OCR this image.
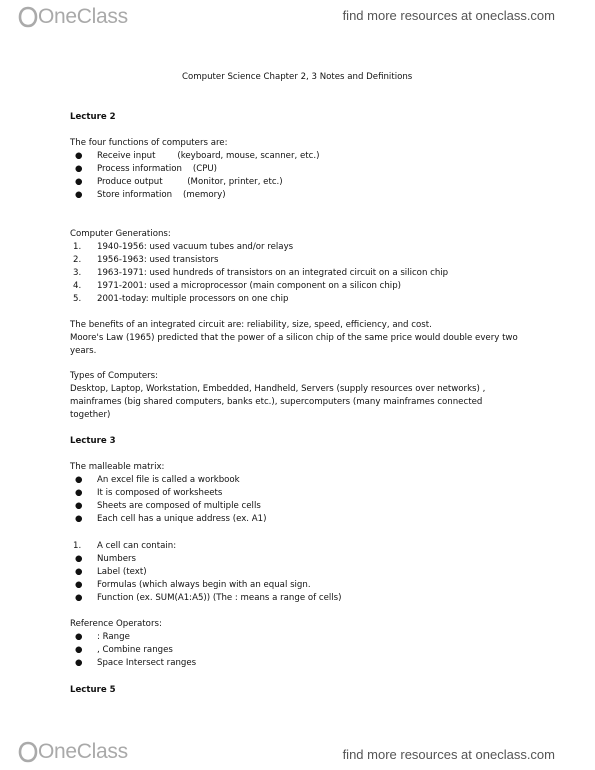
OneClass	find more resources at oneclass.com
Computer Science Chapter 2, 3 Notes and Definitions
Lecture 2
The four functions of computers are:
● Receive input        (keyboard, mouse, scanner, etc.)
● Process information    (CPU)
● Produce output         (Monitor, printer, etc.)
● Store information    (memory)
Computer Generations:
1. 1940-1956: used vacuum tubes and/or relays
2. 1956-1963: used transistors
3. 1963-1971: used hundreds of transistors on an integrated circuit on a silicon chip
4. 1971-2001: used a microprocessor (main component on a silicon chip)
5. 2001-today: multiple processors on one chip
The benefits of an integrated circuit are: reliability, size, speed, efficiency, and cost.
Moore's Law (1965) predicted that the power of a silicon chip of the same price would double every two
years.
Types of Computers:
Desktop, Laptop, Workstation, Embedded, Handheld, Servers (supply resources over networks) ,
mainframes (big shared computers, banks etc.), supercomputers (many mainframes connected
together)
Lecture 3
The malleable matrix:
● An excel file is called a workbook
● It is composed of worksheets
● Sheets are composed of multiple cells
● Each cell has a unique address (ex. A1)
1. A cell can contain:
● Numbers
● Label (text)
● Formulas (which always begin with an equal sign.
● Function (ex. SUM(A1:A5)) (The : means a range of cells)
Reference Operators:
● : Range
● , Combine ranges
● Space Intersect ranges
Lecture 5
OneClass	find more resources at oneclass.com
